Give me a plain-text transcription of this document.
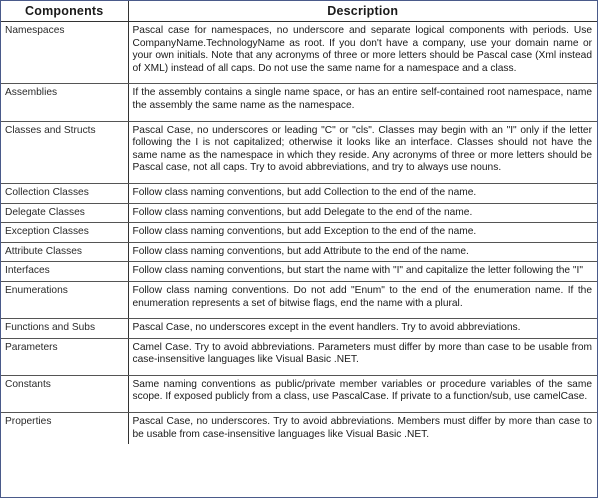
Components	Description
Namespaces	Pascal case for namespaces, no underscore and separate logical components with periods. Use CompanyName.TechnologyName as root. If you don't have a company, use your domain name or your own initials. Note that any acronyms of three or more letters should be Pascal case (Xml instead of XML) instead of all caps. Do not use the same name for a namespace and a class.
Assemblies	If the assembly contains a single name space, or has an entire self-contained root namespace, name the assembly the same name as the namespace.
Classes and Structs	Pascal Case, no underscores or leading "C" or "cls". Classes may begin with an "I" only if the letter following the I is not capitalized; otherwise it looks like an interface. Classes should not have the same name as the namespace in which they reside. Any acronyms of three or more letters should be Pascal case, not all caps. Try to avoid abbreviations, and try to always use nouns.
Collection Classes	Follow class naming conventions, but add Collection to the end of the name.
Delegate Classes	Follow class naming conventions, but add Delegate to the end of the name.
Exception Classes	Follow class naming conventions, but add Exception to the end of the name.
Attribute Classes	Follow class naming conventions, but add Attribute to the end of the name.
Interfaces	Follow class naming conventions, but start the name with "I" and capitalize the letter following the "I"
Enumerations	Follow class naming conventions. Do not add "Enum" to the end of the enumeration name. If the enumeration represents a set of bitwise flags, end the name with a plural.
Functions and Subs	Pascal Case, no underscores except in the event handlers. Try to avoid abbreviations.
Parameters	Camel Case. Try to avoid abbreviations. Parameters must differ by more than case to be usable from case-insensitive languages like Visual Basic .NET.
Constants	Same naming conventions as public/private member variables or procedure variables of the same scope. If exposed publicly from a class, use PascalCase. If private to a function/sub, use camelCase.
Properties	Pascal Case, no underscores. Try to avoid abbreviations. Members must differ by more than case to be usable from case-insensitive languages like Visual Basic .NET.
